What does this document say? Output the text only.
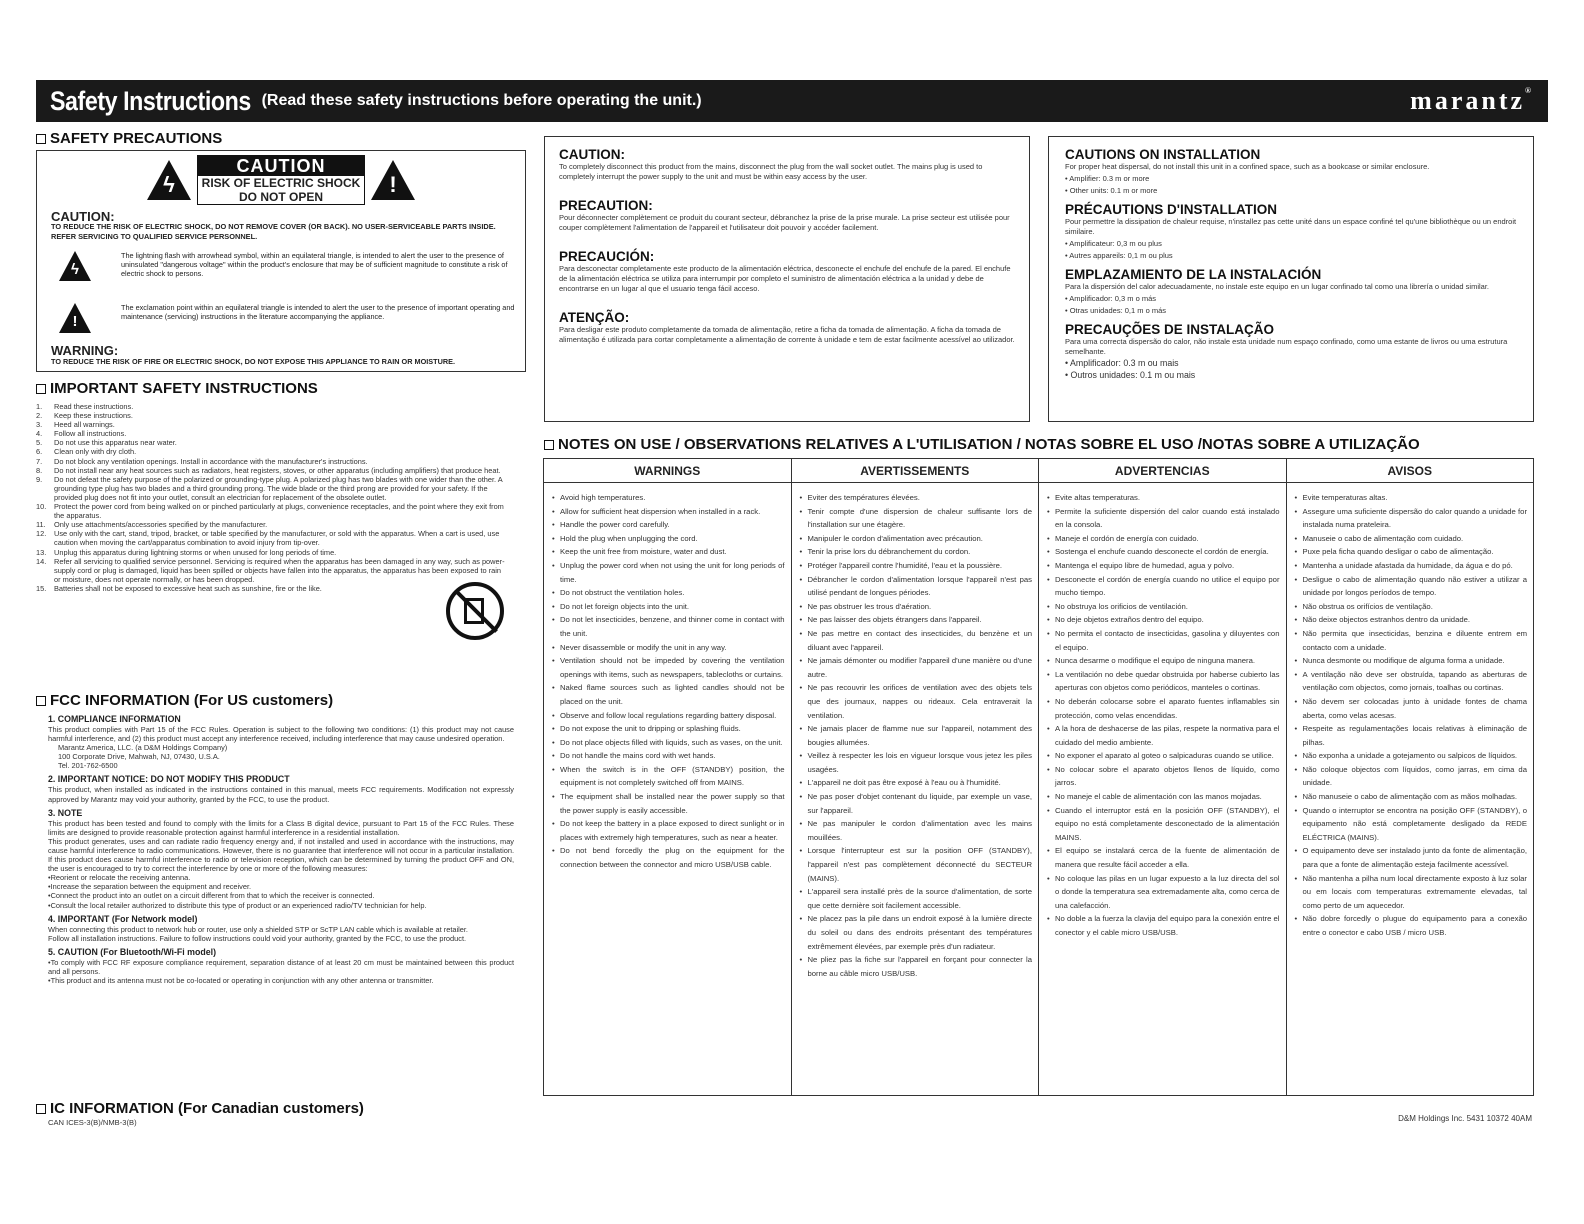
Safety Instructions (Read these safety instructions before operating the unit.)	marantz®
SAFETY PRECAUTIONS
ϟ
CAUTION
RISK OF ELECTRIC SHOCK
DO NOT OPEN	!
CAUTION:
TO REDUCE THE RISK OF ELECTRIC SHOCK, DO NOT REMOVE COVER (OR BACK). NO USER-SERVICEABLE PARTS INSIDE. REFER SERVICING TO QUALIFIED SERVICE PERSONNEL.
ϟ

The lightning flash with arrowhead symbol, within an equilateral triangle, is intended to alert the user to the presence of uninsulated "dangerous voltage" within the product's enclosure that may be of sufficient magnitude to constitute a risk of electric shock to persons.

!

The exclamation point within an equilateral triangle is intended to alert the user to the presence of important operating and maintenance (servicing) instructions in the literature accompanying the appliance.

WARNING:
TO REDUCE THE RISK OF FIRE OR ELECTRIC SHOCK, DO NOT EXPOSE THIS APPLIANCE TO RAIN OR MOISTURE.
IMPORTANT SAFETY INSTRUCTIONS
1.	Read these instructions.
2.	Keep these instructions.
3.	Heed all warnings.
4.	Follow all instructions.
5.	Do not use this apparatus near water.
6.	Clean only with dry cloth.
7.	Do not block any ventilation openings. Install in accordance with the manufacturer's instructions.
8.	Do not install near any heat sources such as radiators, heat registers, stoves, or other apparatus (including amplifiers) that produce heat.
9.	Do not defeat the safety purpose of the polarized or grounding-type plug. A polarized plug has two blades with one wider than the other. A grounding type plug has two blades and a third grounding prong. The wide blade or the third prong are provided for your safety. If the provided plug does not fit into your outlet, consult an electrician for replacement of the obsolete outlet.
10.	Protect the power cord from being walked on or pinched particularly at plugs, convenience receptacles, and the point where they exit from the apparatus.
11.	Only use attachments/accessories specified by the manufacturer.
12.	Use only with the cart, stand, tripod, bracket, or table specified by the manufacturer, or sold with the apparatus. When a cart is used, use caution when moving the cart/apparatus combination to avoid injury from tip-over.
13.	Unplug this apparatus during lightning storms or when unused for long periods of time.
14.	Refer all servicing to qualified service personnel. Servicing is required when the apparatus has been damaged in any way, such as power-supply cord or plug is damaged, liquid has been spilled or objects have fallen into the apparatus, the apparatus has been exposed to rain or moisture, does not operate normally, or has been dropped.
15.	Batteries shall not be exposed to excessive heat such as sunshine, fire or the like.
FCC INFORMATION (For US customers)
1. COMPLIANCE INFORMATION
This product complies with Part 15 of the FCC Rules. Operation is subject to the following two conditions: (1) this product may not cause harmful interference, and (2) this product must accept any interference received, including interference that may cause undesired operation.
Marantz America, LLC. (a D&M Holdings Company)
100 Corporate Drive, Mahwah, NJ, 07430, U.S.A.
Tel. 201-762-6500
2. IMPORTANT NOTICE: DO NOT MODIFY THIS PRODUCT
This product, when installed as indicated in the instructions contained in this manual, meets FCC requirements. Modification not expressly approved by Marantz may void your authority, granted by the FCC, to use the product.
3. NOTE
This product has been tested and found to comply with the limits for a Class B digital device, pursuant to Part 15 of the FCC Rules. These limits are designed to provide reasonable protection against harmful interference in a residential installation.
This product generates, uses and can radiate radio frequency energy and, if not installed and used in accordance with the instructions, may cause harmful interference to radio communications. However, there is no guarantee that interference will not occur in a particular installation. If this product does cause harmful interference to radio or television reception, which can be determined by turning the product OFF and ON, the user is encouraged to try to correct the interference by one or more of the following measures:
•Reorient or relocate the receiving antenna.
•Increase the separation between the equipment and receiver.
•Connect the product into an outlet on a circuit different from that to which the receiver is connected.
•Consult the local retailer authorized to distribute this type of product or an experienced radio/TV technician for help.
4. IMPORTANT (For Network model)
When connecting this product to network hub or router, use only a shielded STP or ScTP LAN cable which is available at retailer.
Follow all installation instructions. Failure to follow instructions could void your authority, granted by the FCC, to use the product.
5. CAUTION (For Bluetooth/Wi-Fi model)
•To comply with FCC RF exposure compliance requirement, separation distance of at least 20 cm must be maintained between this product and all persons.
•This product and its antenna must not be co-located or operating in conjunction with any other antenna or transmitter.
IC INFORMATION (For Canadian customers)
CAN ICES-3(B)/NMB-3(B)
CAUTION:
To completely disconnect this product from the mains, disconnect the plug from the wall socket outlet. The mains plug is used to completely interrupt the power supply to the unit and must be within easy access by the user.
PRECAUTION:
Pour déconnecter complètement ce produit du courant secteur, débranchez la prise de la prise murale. La prise secteur est utilisée pour couper complètement l'alimentation de l'appareil et l'utilisateur doit pouvoir y accéder facilement.
PRECAUCIÓN:
Para desconectar completamente este producto de la alimentación eléctrica, desconecte el enchufe del enchufe de la pared. El enchufe de la alimentación eléctrica se utiliza para interrumpir por completo el suministro de alimentación eléctrica a la unidad y debe de encontrarse en un lugar al que el usuario tenga fácil acceso.
ATENÇÃO:
Para desligar este produto completamente da tomada de alimentação, retire a ficha da tomada de alimentação. A ficha da tomada de alimentação é utilizada para cortar completamente a alimentação de corrente à unidade e tem de estar facilmente acessível ao utilizador.
CAUTIONS ON INSTALLATION
For proper heat dispersal, do not install this unit in a confined space, such as a bookcase or similar enclosure.
• Amplifier: 0.3 m or more
• Other units: 0.1 m or more
PRÉCAUTIONS D'INSTALLATION
Pour permettre la dissipation de chaleur requise, n'installez pas cette unité dans un espace confiné tel qu'une bibliothèque ou un endroit similaire.
• Amplificateur: 0,3 m ou plus
• Autres appareils: 0,1 m ou plus
EMPLAZAMIENTO DE LA INSTALACIÓN
Para la dispersión del calor adecuadamente, no instale este equipo en un lugar confinado tal como una librería o unidad similar.
• Amplificador: 0,3 m o más
• Otras unidades: 0,1 m o más
PRECAUÇÕES DE INSTALAÇÃO
Para uma correcta dispersão do calor, não instale esta unidade num espaço confinado, como uma estante de livros ou uma estrutura semelhante.
• Amplificador: 0.3 m ou mais
• Outros unidades: 0.1 m ou mais
NOTES ON USE / OBSERVATIONS RELATIVES A L'UTILISATION / NOTAS SOBRE EL USO /NOTAS SOBRE A UTILIZAÇÃO
WARNINGS
• Avoid high temperatures.
• Allow for sufficient heat dispersion when installed in a rack.
• Handle the power cord carefully.
• Hold the plug when unplugging the cord.
• Keep the unit free from moisture, water and dust.
• Unplug the power cord when not using the unit for long periods of time.
• Do not obstruct the ventilation holes.
• Do not let foreign objects into the unit.
• Do not let insecticides, benzene, and thinner come in contact with the unit.
• Never disassemble or modify the unit in any way.
• Ventilation should not be impeded by covering the ventilation openings with items, such as newspapers, tablecloths or curtains.
• Naked flame sources such as lighted candles should not be placed on the unit.
• Observe and follow local regulations regarding battery disposal.
• Do not expose the unit to dripping or splashing fluids.
• Do not place objects filled with liquids, such as vases, on the unit.
• Do not handle the mains cord with wet hands.
• When the switch is in the OFF (STANDBY) position, the equipment is not completely switched off from MAINS.
• The equipment shall be installed near the power supply so that the power supply is easily accessible.
• Do not keep the battery in a place exposed to direct sunlight or in places with extremely high temperatures, such as near a heater.
• Do not bend forcedly the plug on the equipment for the connection between the connector and micro USB/USB cable.
AVERTISSEMENTS
• Eviter des températures élevées.
• Tenir compte d'une dispersion de chaleur suffisante lors de l'installation sur une étagère.
• Manipuler le cordon d'alimentation avec précaution.
• Tenir la prise lors du débranchement du cordon.
• Protéger l'appareil contre l'humidité, l'eau et la poussière.
• Débrancher le cordon d'alimentation lorsque l'appareil n'est pas utilisé pendant de longues périodes.
• Ne pas obstruer les trous d'aération.
• Ne pas laisser des objets étrangers dans l'appareil.
• Ne pas mettre en contact des insecticides, du benzène et un diluant avec l'appareil.
• Ne jamais démonter ou modifier l'appareil d'une manière ou d'une autre.
• Ne pas recouvrir les orifices de ventilation avec des objets tels que des journaux, nappes ou rideaux. Cela entraverait la ventilation.
• Ne jamais placer de flamme nue sur l'appareil, notamment des bougies allumées.
• Veillez à respecter les lois en vigueur lorsque vous jetez les piles usagées.
• L'appareil ne doit pas être exposé à l'eau ou à l'humidité.
• Ne pas poser d'objet contenant du liquide, par exemple un vase, sur l'appareil.
• Ne pas manipuler le cordon d'alimentation avec les mains mouillées.
• Lorsque l'interrupteur est sur la position OFF (STANDBY), l'appareil n'est pas complètement déconnecté du SECTEUR (MAINS).
• L'appareil sera installé près de la source d'alimentation, de sorte que cette dernière soit facilement accessible.
• Ne placez pas la pile dans un endroit exposé à la lumière directe du soleil ou dans des endroits présentant des températures extrêmement élevées, par exemple près d'un radiateur.
• Ne pliez pas la fiche sur l'appareil en forçant pour connecter la borne au câble micro USB/USB.
ADVERTENCIAS
• Evite altas temperaturas.
• Permite la suficiente dispersión del calor cuando está instalado en la consola.
• Maneje el cordón de energía con cuidado.
• Sostenga el enchufe cuando desconecte el cordón de energía.
• Mantenga el equipo libre de humedad, agua y polvo.
• Desconecte el cordón de energía cuando no utilice el equipo por mucho tiempo.
• No obstruya los orificios de ventilación.
• No deje objetos extraños dentro del equipo.
• No permita el contacto de insecticidas, gasolina y diluyentes con el equipo.
• Nunca desarme o modifique el equipo de ninguna manera.
• La ventilación no debe quedar obstruida por haberse cubierto las aperturas con objetos como periódicos, manteles o cortinas.
• No deberán colocarse sobre el aparato fuentes inflamables sin protección, como velas encendidas.
• A la hora de deshacerse de las pilas, respete la normativa para el cuidado del medio ambiente.
• No exponer el aparato al goteo o salpicaduras cuando se utilice.
• No colocar sobre el aparato objetos llenos de líquido, como jarros.
• No maneje el cable de alimentación con las manos mojadas.
• Cuando el interruptor está en la posición OFF (STANDBY), el equipo no está completamente desconectado de la alimentación MAINS.
• El equipo se instalará cerca de la fuente de alimentación de manera que resulte fácil acceder a ella.
• No coloque las pilas en un lugar expuesto a la luz directa del sol o donde la temperatura sea extremadamente alta, como cerca de una calefacción.
• No doble a la fuerza la clavija del equipo para la conexión entre el conector y el cable micro USB/USB.
AVISOS
• Evite temperaturas altas.
• Assegure uma suficiente dispersão do calor quando a unidade for instalada numa prateleira.
• Manuseie o cabo de alimentação com cuidado.
• Puxe pela ficha quando desligar o cabo de alimentação.
• Mantenha a unidade afastada da humidade, da água e do pó.
• Desligue o cabo de alimentação quando não estiver a utilizar a unidade por longos períodos de tempo.
• Não obstrua os orifícios de ventilação.
• Não deixe objectos estranhos dentro da unidade.
• Não permita que insecticidas, benzina e diluente entrem em contacto com a unidade.
• Nunca desmonte ou modifique de alguma forma a unidade.
• A ventilação não deve ser obstruída, tapando as aberturas de ventilação com objectos, como jornais, toalhas ou cortinas.
• Não devem ser colocadas junto à unidade fontes de chama aberta, como velas acesas.
• Respeite as regulamentações locais relativas à eliminação de pilhas.
• Não exponha a unidade a gotejamento ou salpicos de líquidos.
• Não coloque objectos com líquidos, como jarras, em cima da unidade.
• Não manuseie o cabo de alimentação com as mãos molhadas.
• Quando o interruptor se encontra na posição OFF (STANDBY), o equipamento não está completamente desligado da REDE ELÉCTRICA (MAINS).
• O equipamento deve ser instalado junto da fonte de alimentação, para que a fonte de alimentação esteja facilmente acessível.
• Não mantenha a pilha num local directamente exposto à luz solar ou em locais com temperaturas extremamente elevadas, tal como perto de um aquecedor.
• Não dobre forcedly o plugue do equipamento para a conexão entre o conector e cabo USB / micro USB.
D&M Holdings Inc. 5431 10372 40AM
